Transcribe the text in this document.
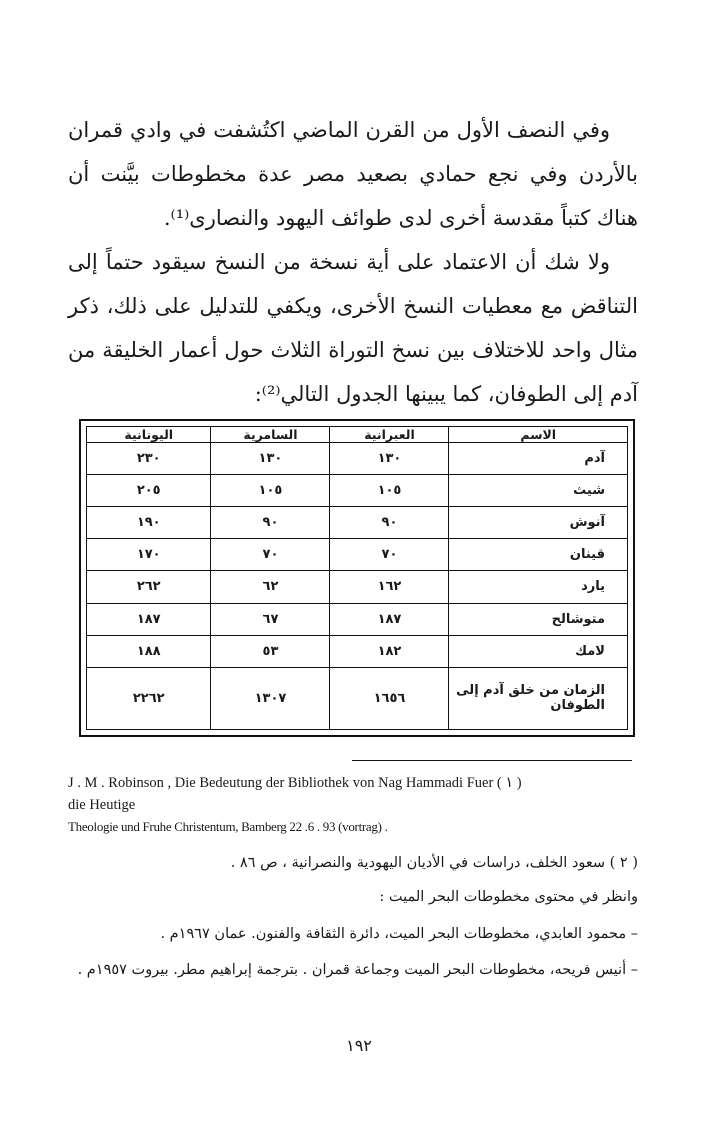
وفي النصف الأول من القرن الماضي اكتُشفت في وادي قمران بالأردن وفي نجع حمادي بصعيد مصر عدة مخطوطات بيَّنت أن هناك كتباً مقدسة أخرى لدى طوائف اليهود والنصارى⁽¹⁾.

ولا شك أن الاعتماد على أية نسخة من النسخ سيقود حتماً إلى التناقض مع معطيات النسخ الأخرى، ويكفي للتدليل على ذلك، ذكر مثال واحد للاختلاف بين نسخ التوراة الثلاث حول أعمار الخليقة من آدم إلى الطوفان، كما يبينها الجدول التالي⁽²⁾:

الاسم	العبرانية	السامرية	اليونانية
آدم	١٣٠	١٣٠	٢٣٠
شيث	١٠٥	١٠٥	٢٠٥
آنوش	٩٠	٩٠	١٩٠
قينان	٧٠	٧٠	١٧٠
يارد	١٦٢	٦٢	٢٦٢
متوشالح	١٨٧	٦٧	١٨٧
لامك	١٨٢	٥٣	١٨٨
الزمان من خلق آدم إلى الطوفان	١٦٥٦	١٣٠٧	٢٢٦٢
J . M . Robinson , Die Bedeutung der Bibliothek von Nag Hammadi Fuer ( ١ )
die Heutige
Theologie und Fruhe Christentum, Bamberg 22 .6 . 93 (vortrag) .
( ٢ ) سعود الخلف، دراسات في الأديان اليهودية والنصرانية ، ص ٨٦ .
وانظر في محتوى مخطوطات البحر الميت :
– محمود العابدي، مخطوطات البحر الميت، دائرة الثقافة والفنون. عمان ١٩٦٧م .
– أنيس فريحه، مخطوطات البحر الميت وجماعة قمران . بترجمة إبراهيم مطر. بيروت ١٩٥٧م .
١٩٢
